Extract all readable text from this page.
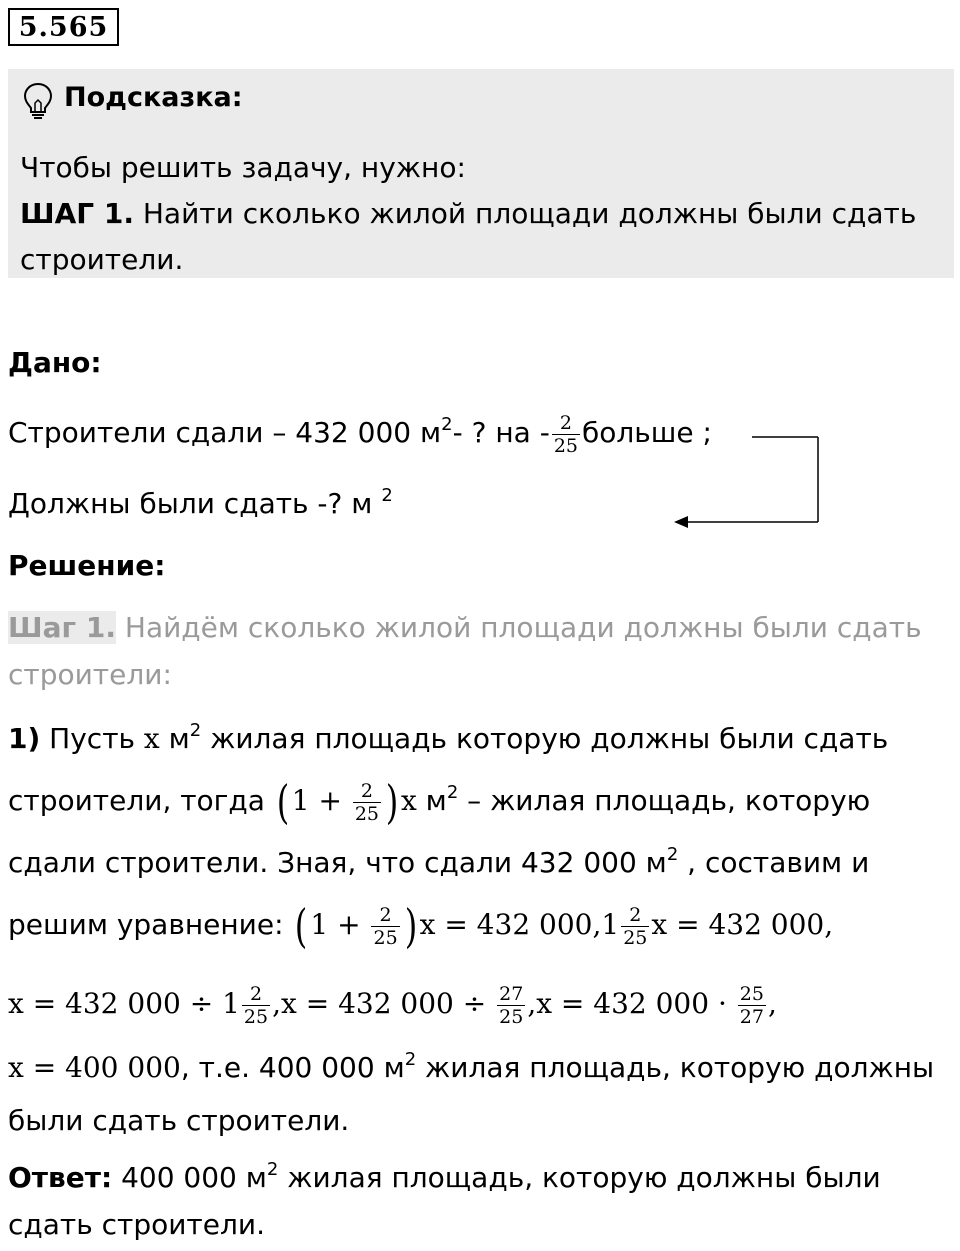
5.565
Подсказка:
Чтобы решить задачу, нужно:
ШАГ 1. Найти сколько жилой площади должны были сдать строители.
Дано:
Строители сдали – 432 000 $м^2-$ ? на - $\frac{2}{25}$ больше ;
Должны были сдать -? м $^2$
Решение:
Шаг 1. Найдём сколько жилой площади должны были сдать
строители:
1) Пусть x $м^2$ жилая площадь которую должны были сдать
строители, тогда $(1 + \frac{2}{25} )x$ $м^2$ – жилая площадь, которую
сдали строители. Зная, что сдали 432 000 $м^2$ , составим и
решим уравнение: $(1 + \frac{2}{25} )x = 432$ $000,1 \frac{2}{25}$ x = 432 000,
x = 432 $000 \div 1 \frac{2}{25} ,x = 432$ $000 \div \frac{27}{25} ,x = 432$ $000 \cdot \frac{25}{27}$ ,
x = 400 000, т.е. 400 000 $м^2$ жилая площадь, которую должны
были сдать строители.
Ответ: 400 000 $м^2$ жилая площадь, которую должны были
сдать строители.
